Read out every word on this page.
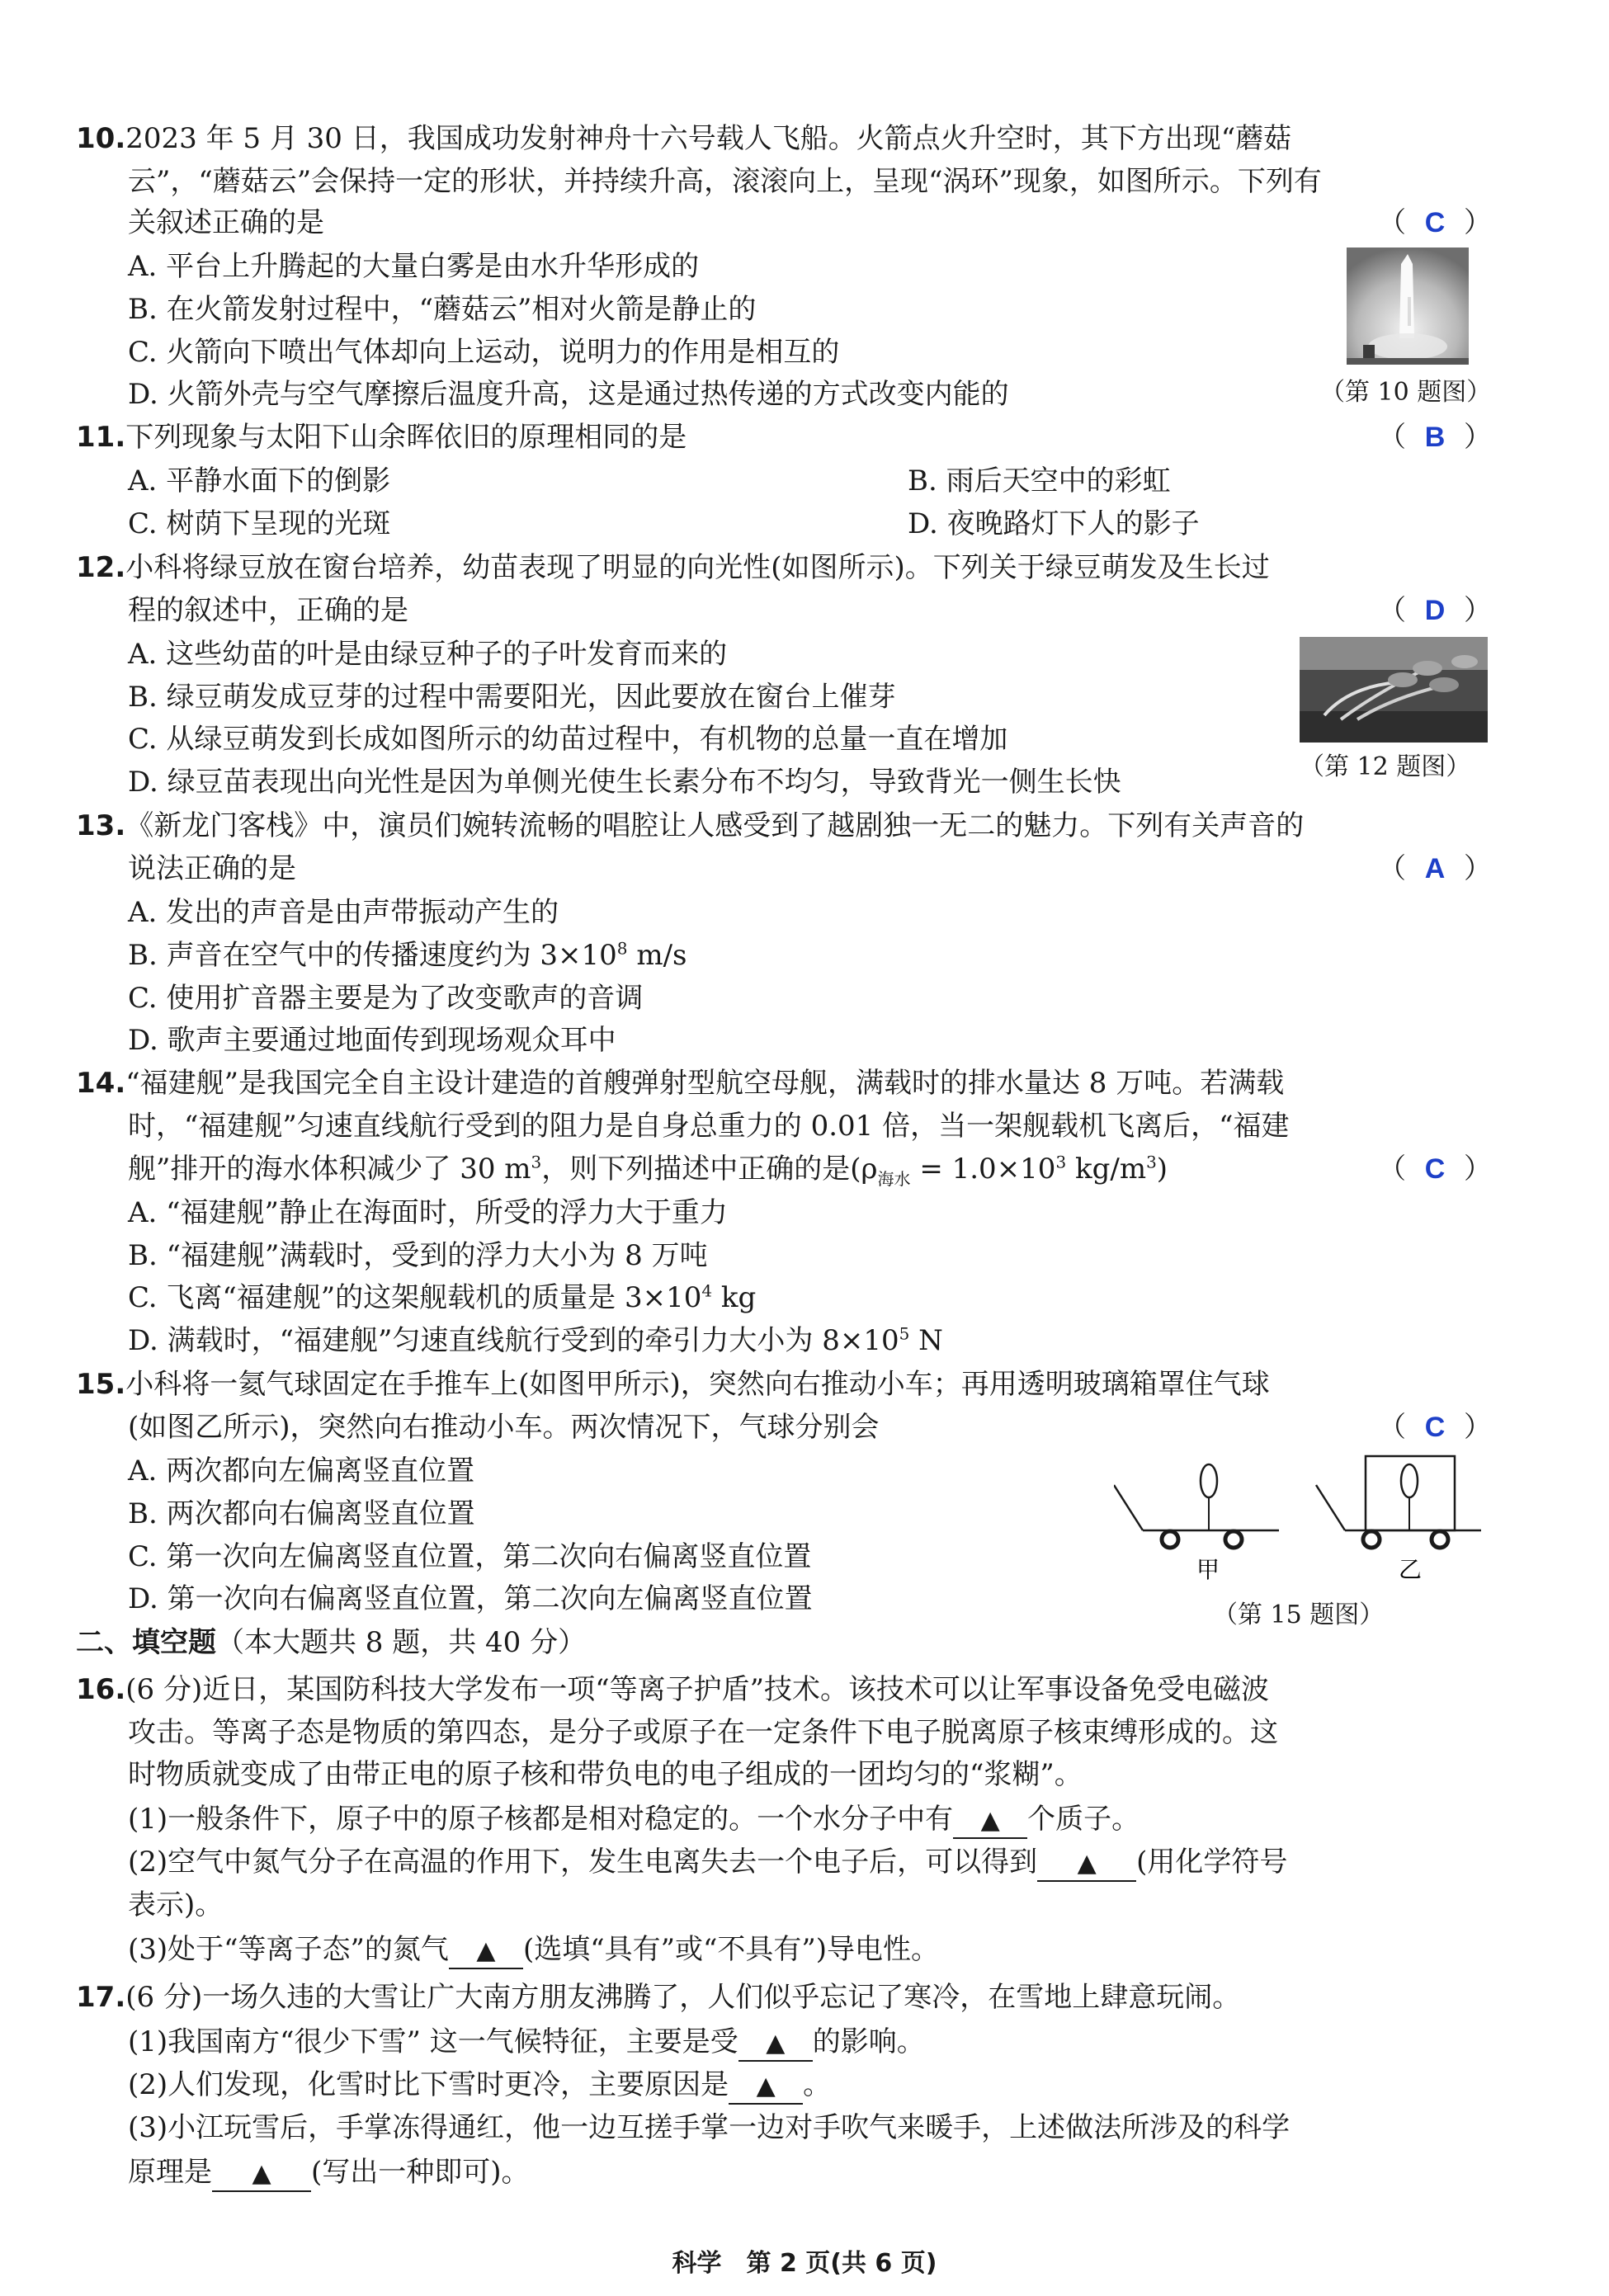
10.2023 年 5 月 30 日，我国成功发射神舟十六号载人飞船。火箭点火升空时，其下方出现“蘑菇
云”，“蘑菇云”会保持一定的形状，并持续升高，滚滚向上，呈现“涡环”现象，如图所示。下列有
关叙述正确的是	（ C ）
A. 平台上升腾起的大量白雾是由水升华形成的
B. 在火箭发射过程中，“蘑菇云”相对火箭是静止的
C. 火箭向下喷出气体却向上运动，说明力的作用是相互的
D. 火箭外壳与空气摩擦后温度升高，这是通过热传递的方式改变内能的	（第 10 题图）
11.下列现象与太阳下山余晖依旧的原理相同的是	（ B ）
A. 平静水面下的倒影	B. 雨后天空中的彩虹
C. 树荫下呈现的光斑	D. 夜晚路灯下人的影子
12.小科将绿豆放在窗台培养，幼苗表现了明显的向光性(如图所示)。下列关于绿豆萌发及生长过
程的叙述中，正确的是	（ D ）
A. 这些幼苗的叶是由绿豆种子的子叶发育而来的
B. 绿豆萌发成豆芽的过程中需要阳光，因此要放在窗台上催芽
C. 从绿豆萌发到长成如图所示的幼苗过程中，有机物的总量一直在增加
D. 绿豆苗表现出向光性是因为单侧光使生长素分布不均匀，导致背光一侧生长快	（第 12 题图）
13.《新龙门客栈》中，演员们婉转流畅的唱腔让人感受到了越剧独一无二的魅力。下列有关声音的
说法正确的是	（ A ）
A. 发出的声音是由声带振动产生的
B. 声音在空气中的传播速度约为 $3\times 10^8$ m/s
C. 使用扩音器主要是为了改变歌声的音调
D. 歌声主要通过地面传到现场观众耳中
14.“福建舰”是我国完全自主设计建造的首艘弹射型航空母舰，满载时的排水量达 8 万吨。若满载
时，“福建舰”匀速直线航行受到的阻力是自身总重力的 0.01 倍，当一架舰载机飞离后，“福建
舰”排开的海水体积减少了 30 $m^3$，则下列描述中正确的是($\rho_{海水} = 1.0\times 10^3$ $kg/m^3$)	（ C ）
A. “福建舰”静止在海面时，所受的浮力大于重力
B. “福建舰”满载时，受到的浮力大小为 8 万吨
C. 飞离“福建舰”的这架舰载机的质量是 $3\times 10^4$ kg
D. 满载时，“福建舰”匀速直线航行受到的牵引力大小为 $8\times 10^5$ N
15.小科将一氦气球固定在手推车上(如图甲所示)，突然向右推动小车；再用透明玻璃箱罩住气球
(如图乙所示)，突然向右推动小车。两次情况下，气球分别会	（ C ）
A. 两次都向左偏离竖直位置
B. 两次都向右偏离竖直位置
C. 第一次向左偏离竖直位置，第二次向右偏离竖直位置
D. 第一次向右偏离竖直位置，第二次向左偏离竖直位置
甲	乙
（第 15 题图）
二、填空题（本大题共 8 题，共 40 分）
16.(6 分)近日，某国防科技大学发布一项“等离子护盾”技术。该技术可以让军事设备免受电磁波
攻击。等离子态是物质的第四态，是分子或原子在一定条件下电子脱离原子核束缚形成的。这
时物质就变成了由带正电的原子核和带负电的电子组成的一团均匀的“浆糊”。
(1)一般条件下，原子中的原子核都是相对稳定的。一个水分子中有 ▲ 个质子。
(2)空气中氮气分子在高温的作用下，发生电离失去一个电子后，可以得到 ▲ (用化学符号
表示)。
(3)处于“等离子态”的氮气 ▲ (选填“具有”或“不具有”)导电性。
17.(6 分)一场久违的大雪让广大南方朋友沸腾了，人们似乎忘记了寒冷，在雪地上肆意玩闹。
(1)我国南方“很少下雪” 这一气候特征，主要是受 ▲ 的影响。
(2)人们发现，化雪时比下雪时更冷，主要原因是 ▲ 。
(3)小江玩雪后，手掌冻得通红，他一边互搓手掌一边对手吹气来暖手，上述做法所涉及的科学
原理是 ▲ (写出一种即可)。
科学　第 2 页(共 6 页)
